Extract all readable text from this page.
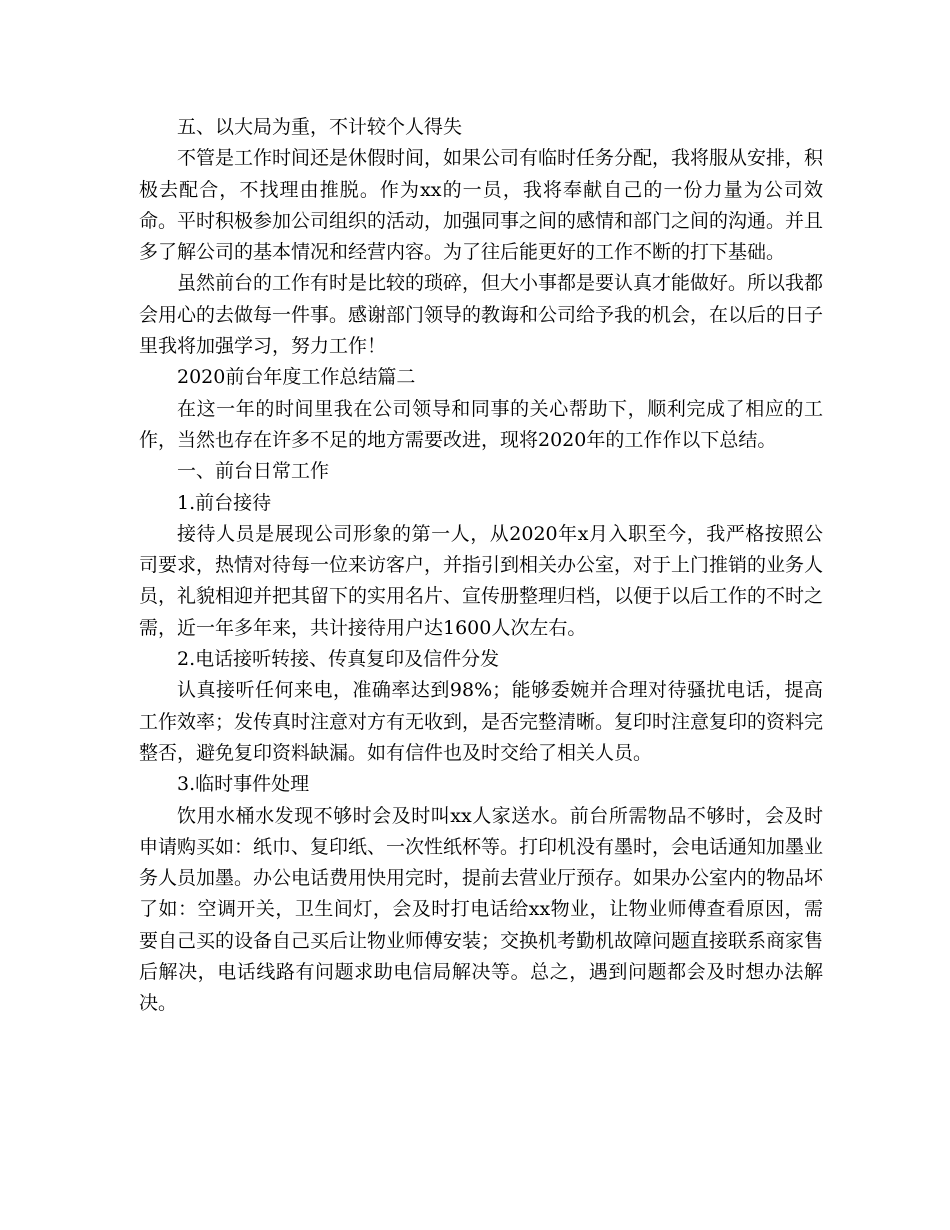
五、以大局为重，不计较个人得失

不管是工作时间还是休假时间，如果公司有临时任务分配，我将服从安排，积极去配合，不找理由推脱。作为xx的一员，我将奉献自己的一份力量为公司效命。平时积极参加公司组织的活动，加强同事之间的感情和部门之间的沟通。并且多了解公司的基本情况和经营内容。为了往后能更好的工作不断的打下基础。

虽然前台的工作有时是比较的琐碎，但大小事都是要认真才能做好。所以我都会用心的去做每一件事。感谢部门领导的教诲和公司给予我的机会，在以后的日子里我将加强学习，努力工作！

2020前台年度工作总结篇二

在这一年的时间里我在公司领导和同事的关心帮助下，顺利完成了相应的工作，当然也存在许多不足的地方需要改进，现将2020年的工作作以下总结。

一、前台日常工作

1.前台接待

接待人员是展现公司形象的第一人，从2020年x月入职至今，我严格按照公司要求，热情对待每一位来访客户，并指引到相关办公室，对于上门推销的业务人员，礼貌相迎并把其留下的实用名片、宣传册整理归档，以便于以后工作的不时之需，近一年多年来，共计接待用户达1600人次左右。

2.电话接听转接、传真复印及信件分发

认真接听任何来电，准确率达到98%；能够委婉并合理对待骚扰电话，提高工作效率；发传真时注意对方有无收到，是否完整清晰。复印时注意复印的资料完整否，避免复印资料缺漏。如有信件也及时交给了相关人员。

3.临时事件处理

饮用水桶水发现不够时会及时叫xx人家送水。前台所需物品不够时，会及时申请购买如：纸巾、复印纸、一次性纸杯等。打印机没有墨时，会电话通知加墨业务人员加墨。办公电话费用快用完时，提前去营业厅预存。如果办公室内的物品坏了如：空调开关，卫生间灯，会及时打电话给xx物业，让物业师傅查看原因，需要自己买的设备自己买后让物业师傅安装；交换机考勤机故障问题直接联系商家售后解决，电话线路有问题求助电信局解决等。总之，遇到问题都会及时想办法解决。
